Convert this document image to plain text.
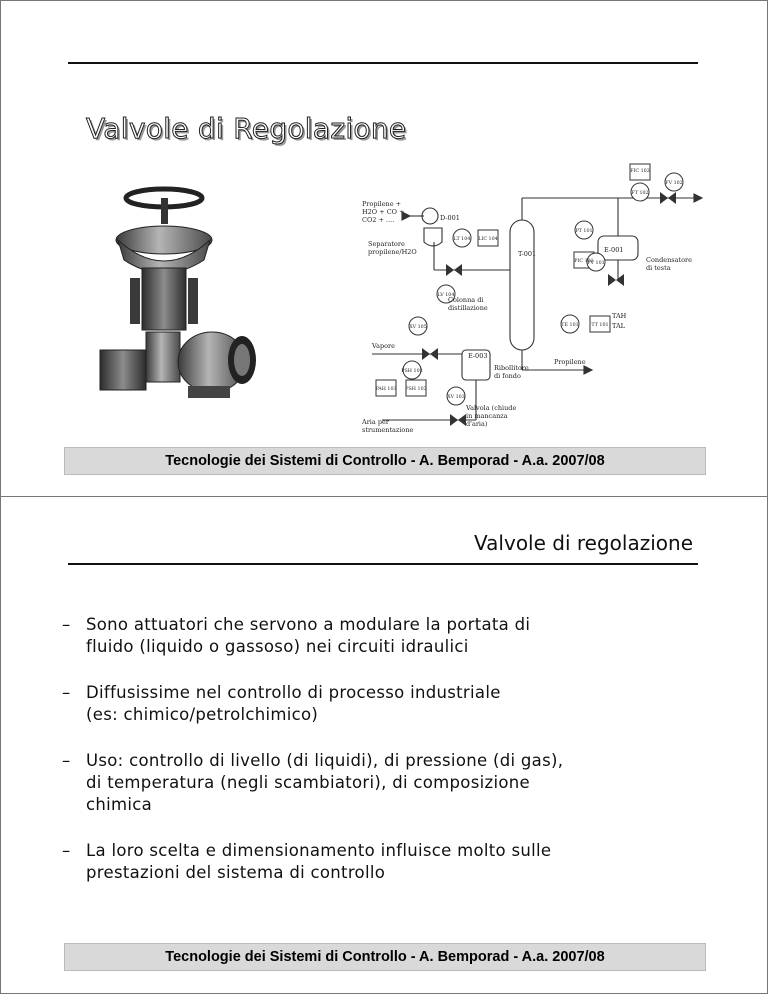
Valvole di Regolazione
Propilene +
H2O + CO +
CO2 + ....	D-001
Separatore
propilene/H2O	T-001	E-001
Condensatore
di testa
Colonna di
distillazione
TAH
TAL
Vapore
E-003
Ribollitore
di fondo
Propilene
Valvola (chiude
in mancanza
d'aria)
Aria per
strumentazione
FIC 102
FT 102
FV 102
LT 104 LIC 104
LV 104
PT 101
PIC 101
PV 101
TE 101	TT 101
XV 105
PSH 103
PAH 103 PSH 103
XV 103
Tecnologie dei Sistemi di Controllo - A. Bemporad - A.a. 2007/08
Valvole di regolazione
– Sono attuatori che servono a modulare la portata di
fluido (liquido o gassoso) nei circuiti idraulici
– Diffusissime nel controllo di processo industriale
(es: chimico/petrolchimico)
– Uso: controllo di livello (di liquidi), di pressione (di gas),
di temperatura (negli scambiatori), di composizione
chimica
– La loro scelta e dimensionamento influisce molto sulle
prestazioni del sistema di controllo
Tecnologie dei Sistemi di Controllo - A. Bemporad - A.a. 2007/08
